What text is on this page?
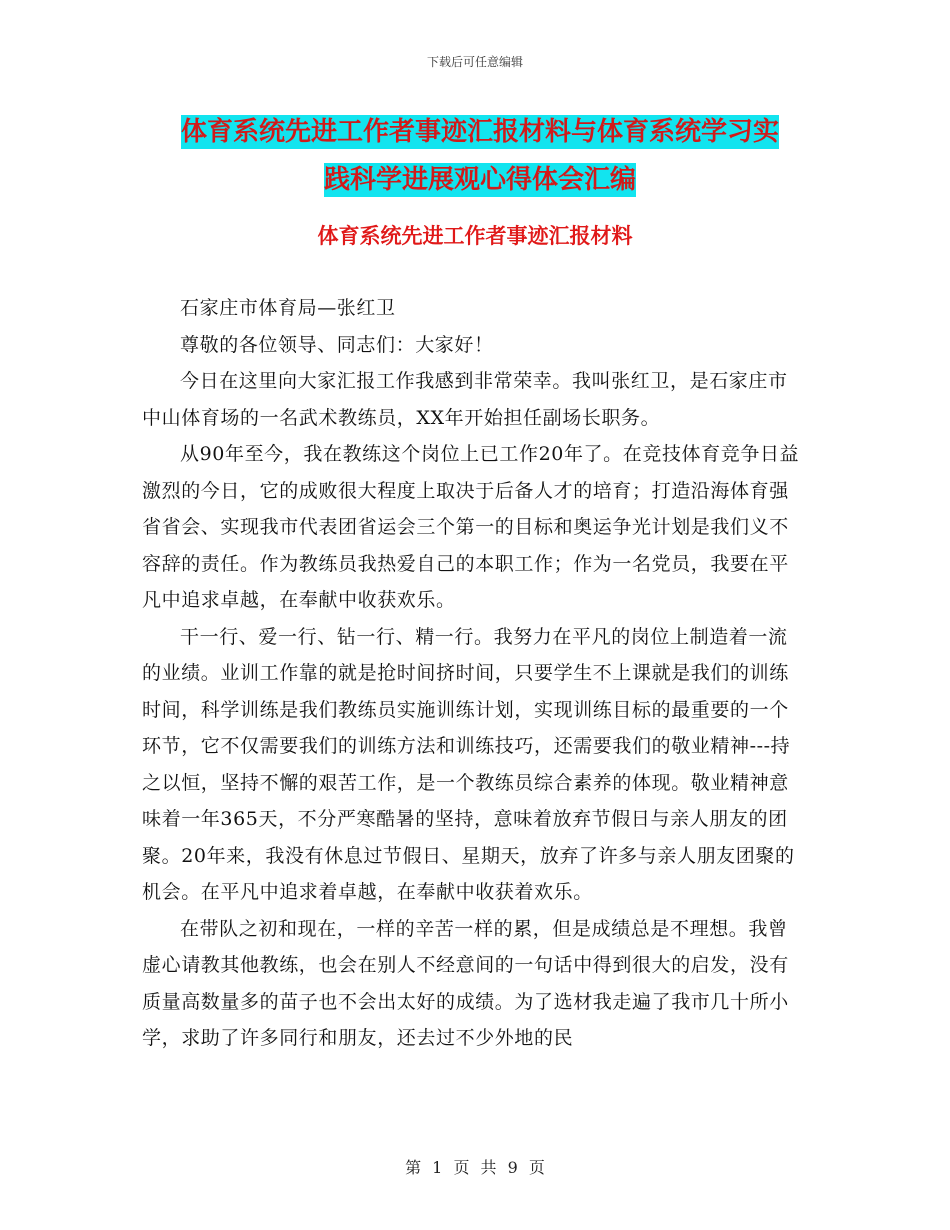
下载后可任意编辑
体育系统先进工作者事迹汇报材料与体育系统学习实
践科学进展观心得体会汇编
体育系统先进工作者事迹汇报材料

石家庄市体育局—张红卫

尊敬的各位领导、同志们：大家好！

今日在这里向大家汇报工作我感到非常荣幸。我叫张红卫，是石家庄市中山体育场的一名武术教练员，XX年开始担任副场长职务。

从90年至今，我在教练这个岗位上已工作20年了。在竞技体育竞争日益激烈的今日，它的成败很大程度上取决于后备人才的培育；打造沿海体育强省省会、实现我市代表团省运会三个第一的目标和奥运争光计划是我们义不容辞的责任。作为教练员我热爱自己的本职工作；作为一名党员，我要在平凡中追求卓越，在奉献中收获欢乐。

干一行、爱一行、钻一行、精一行。我努力在平凡的岗位上制造着一流的业绩。业训工作靠的就是抢时间挤时间，只要学生不上课就是我们的训练时间，科学训练是我们教练员实施训练计划，实现训练目标的最重要的一个环节，它不仅需要我们的训练方法和训练技巧，还需要我们的敬业精神---持之以恒，坚持不懈的艰苦工作，是一个教练员综合素养的体现。敬业精神意味着一年365天，不分严寒酷暑的坚持，意味着放弃节假日与亲人朋友的团聚。20年来，我没有休息过节假日、星期天，放弃了许多与亲人朋友团聚的机会。在平凡中追求着卓越，在奉献中收获着欢乐。

在带队之初和现在，一样的辛苦一样的累，但是成绩总是不理想。我曾虚心请教其他教练，也会在别人不经意间的一句话中得到很大的启发，没有质量高数量多的苗子也不会出太好的成绩。为了选材我走遍了我市几十所小学，求助了许多同行和朋友，还去过不少外地的民

第 1 页 共 9 页
